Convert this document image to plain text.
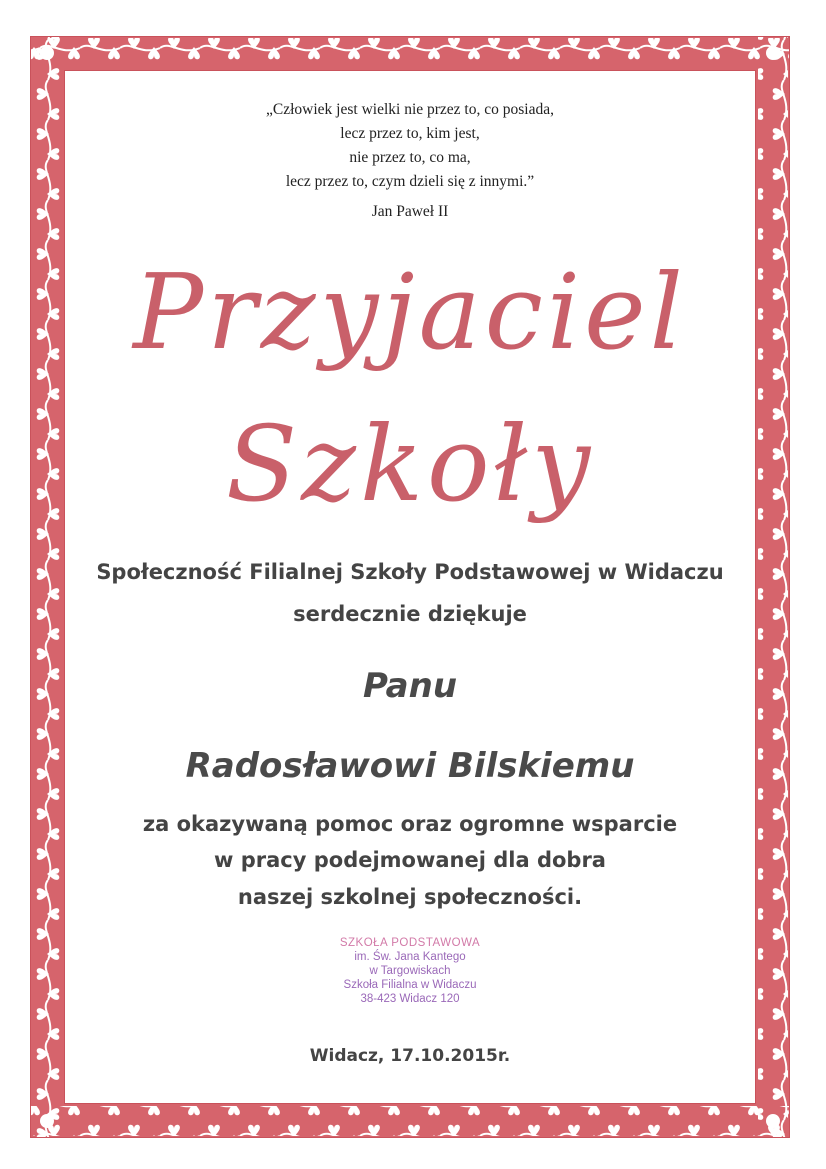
„Człowiek jest wielki nie przez to, co posiada,
lecz przez to, kim jest,
nie przez to, co ma,
lecz przez to, czym dzieli się z innymi.”
Jan Paweł II
Przyjaciel
Szkoły
Społeczność Filialnej Szkoły Podstawowej w Widaczu
serdecznie dziękuje
Panu
Radosławowi Bilskiemu
za okazywaną pomoc oraz ogromne wsparcie
w pracy podejmowanej dla dobra
naszej szkolnej społeczności.
SZKOŁA PODSTAWOWA
im. Św. Jana Kantego
w Targowiskach
Szkoła Filialna w Widaczu
38-423 Widacz 120
Widacz, 17.10.2015r.
